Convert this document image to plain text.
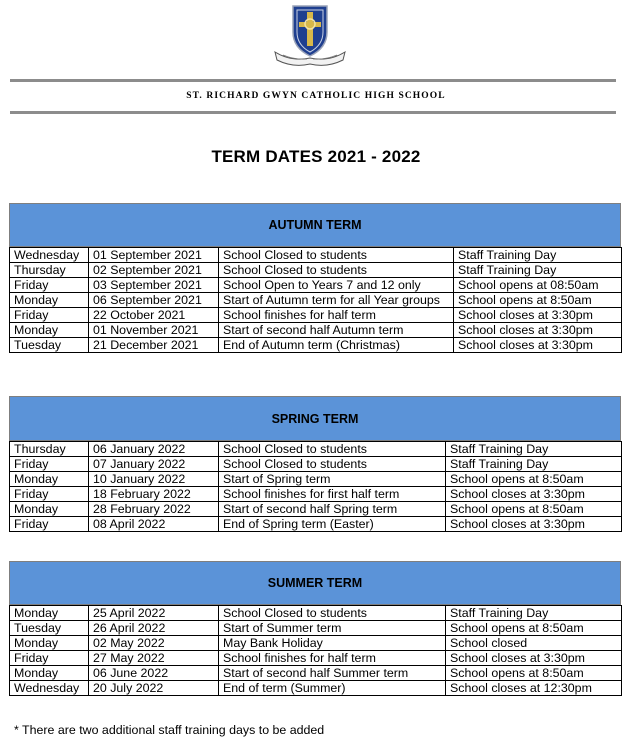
ST. RICHARD GWYN CATHOLIC HIGH SCHOOL
TERM DATES 2021 - 2022
AUTUMN TERM
Wednesday	01 September 2021	School Closed to students	Staff Training Day
Thursday	02 September 2021	School Closed to students	Staff Training Day
Friday	03 September 2021	School Open to Years 7 and 12 only	School opens at 08:50am
Monday	06 September 2021	Start of Autumn term for all Year groups	School opens at 8:50am
Friday	22 October 2021	School finishes for half term	School closes at 3:30pm
Monday	01 November 2021	Start of second half Autumn term	School closes at 3:30pm
Tuesday	21 December 2021	End of Autumn term (Christmas)	School closes at 3:30pm
SPRING TERM
Thursday	06 January 2022	School Closed to students	Staff Training Day
Friday	07 January 2022	School Closed to students	Staff Training Day
Monday	10 January 2022	Start of Spring term	School opens at 8:50am
Friday	18 February 2022	School finishes for first half term	School closes at 3:30pm
Monday	28 February 2022	Start of second half Spring term	School opens at 8:50am
Friday	08 April 2022	End of Spring term (Easter)	School closes at 3:30pm
SUMMER TERM
Monday	25 April 2022	School Closed to students	Staff Training Day
Tuesday	26 April 2022	Start of Summer term	School opens at 8:50am
Monday	02 May 2022	May Bank Holiday	School closed
Friday	27 May 2022	School finishes for half term	School closes at 3:30pm
Monday	06 June 2022	Start of second half Summer term	School opens at 8:50am
Wednesday	20 July 2022	End of term (Summer)	School closes at 12:30pm
* There are two additional staff training days to be added
